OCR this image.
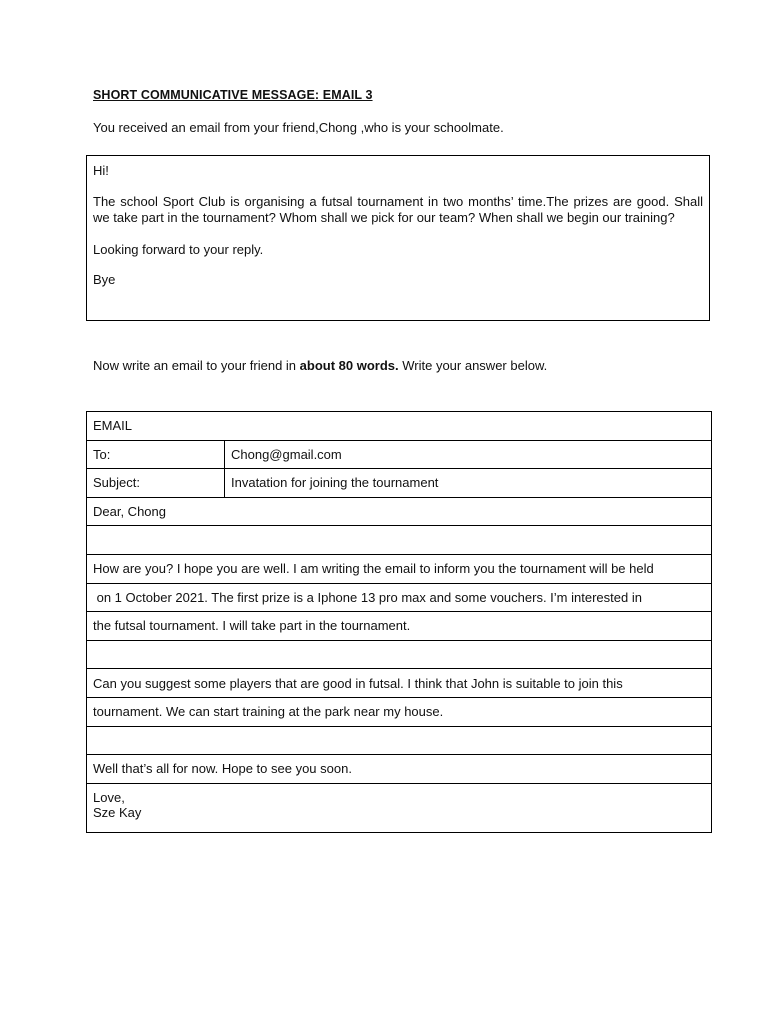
SHORT COMMUNICATIVE MESSAGE: EMAIL 3
You received an email from your friend,Chong ,who is your schoolmate.

Hi!

The school Sport Club is organising a futsal tournament in two months’ time.The prizes are good. Shall we take part in the tournament? Whom shall we pick for our team? When shall we begin our training?

Looking forward to your reply.

Bye

Now write an email to your friend in about 80 words. Write your answer below.
EMAIL	
To:	Chong@gmail.com
Subject:	Invatation for joining the tournament
Dear, Chong	

How are you? I hope you are well. I am writing the email to inform you the tournament will be held	
on 1 October 2021. The first prize is a Iphone 13 pro max and some vouchers. I’m interested in	
the futsal tournament. I will take part in the tournament.	

Can you suggest some players that are good in futsal. I think that John is suitable to join this	
tournament. We can start training at the park near my house.	

Well that’s all for now. Hope to see you soon.	

Love,
Sze Kay	
